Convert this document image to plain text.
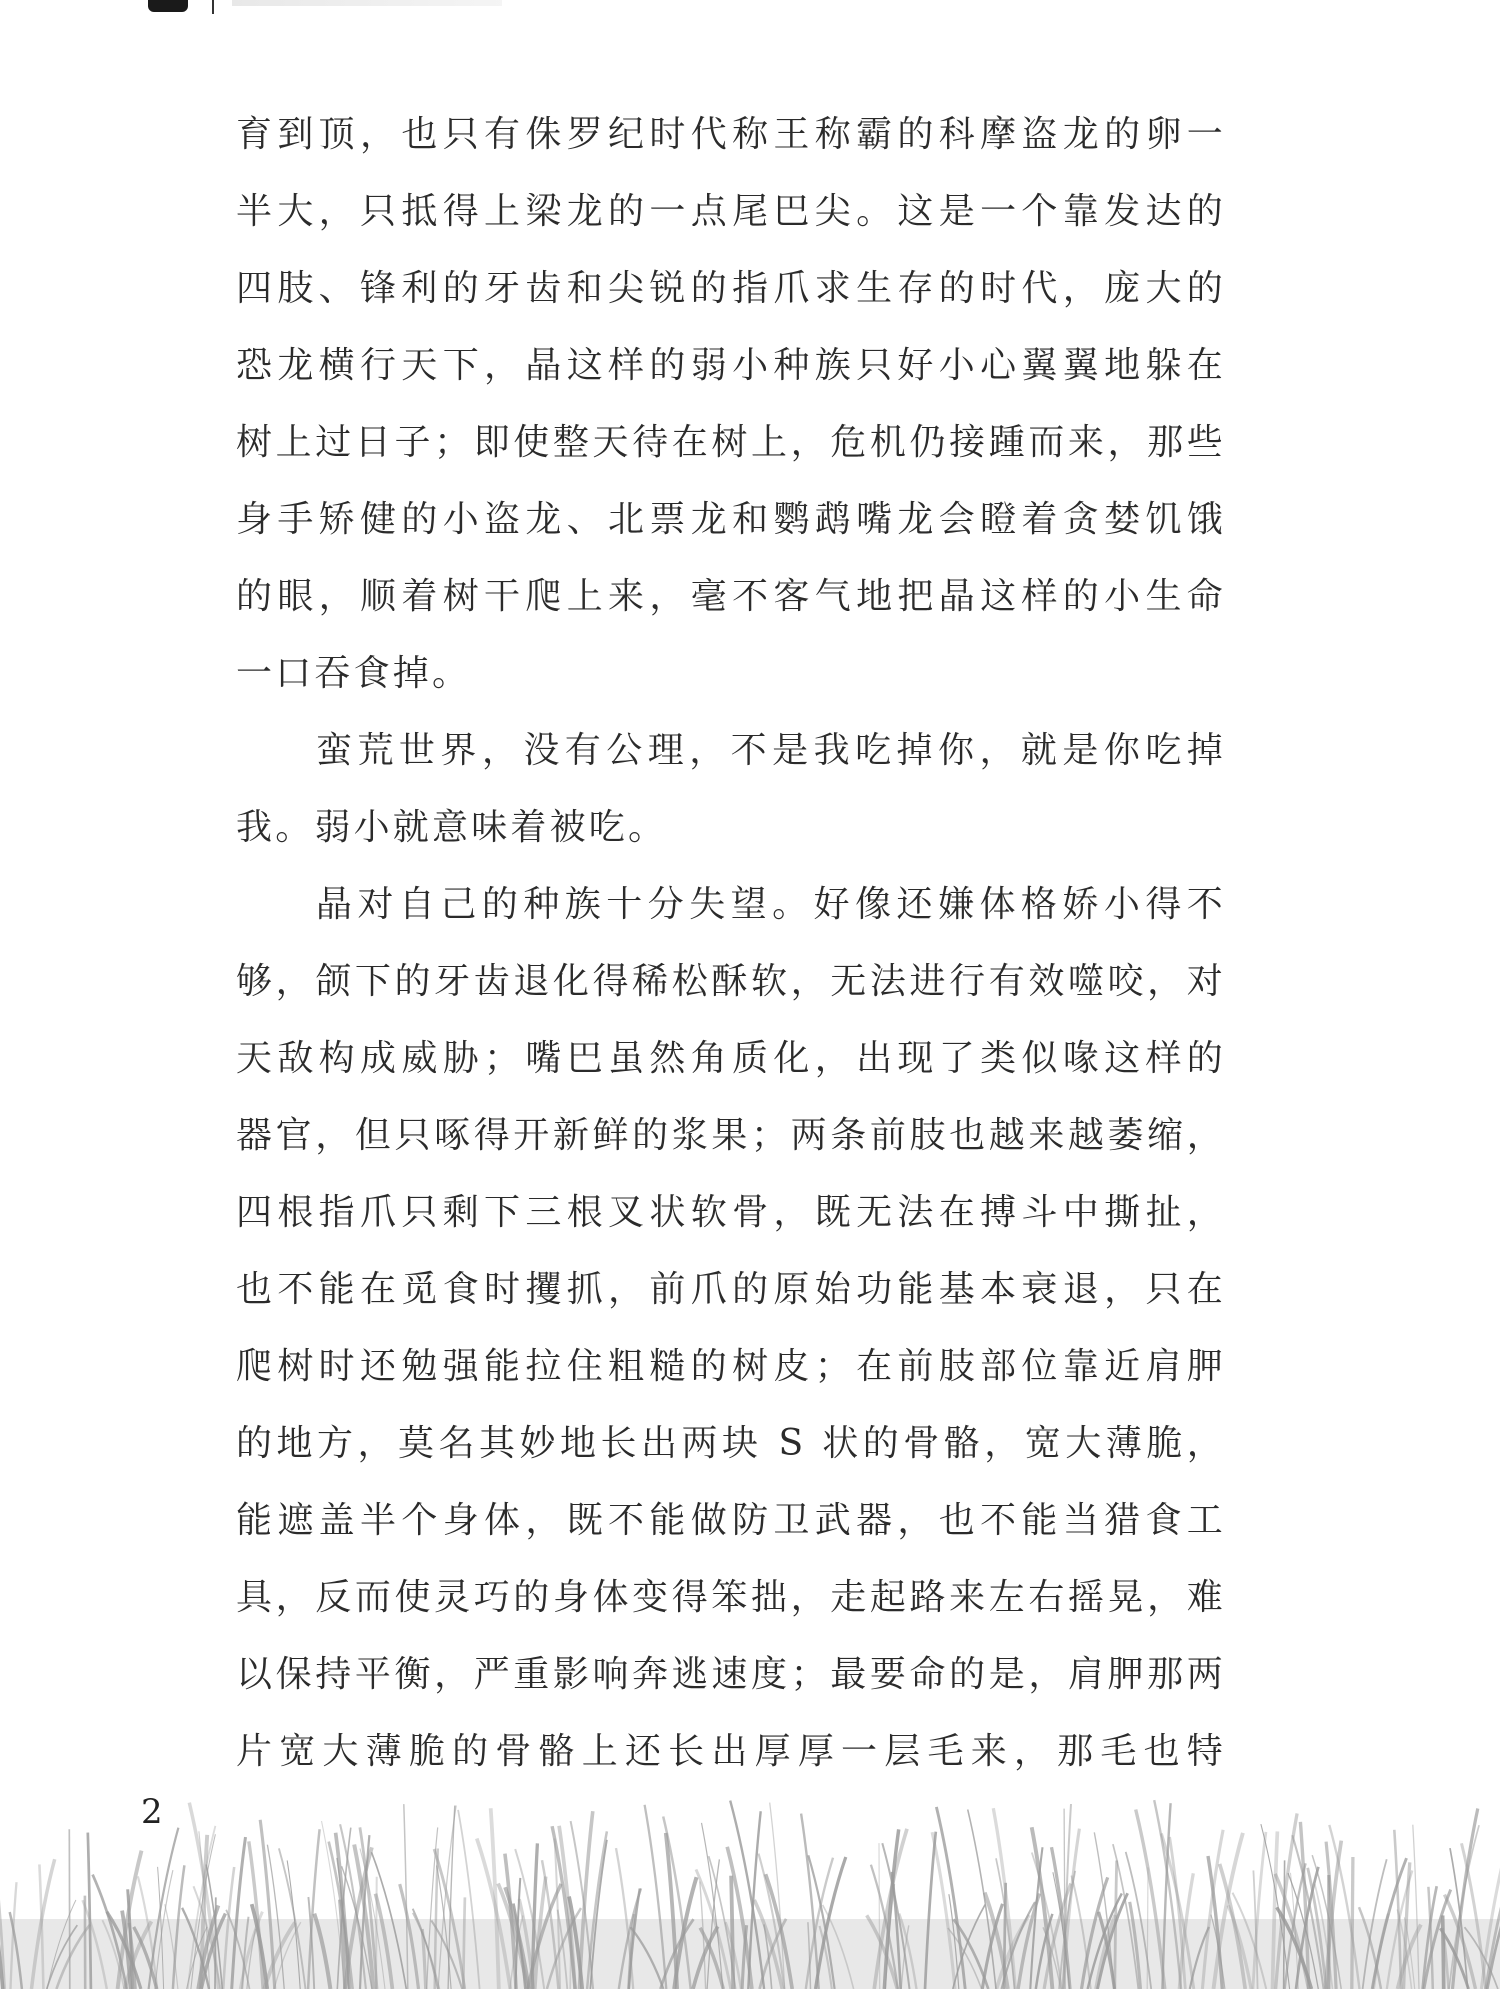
育到顶，也只有侏罗纪时代称王称霸的科摩盗龙的卵一
半大，只抵得上梁龙的一点尾巴尖。这是一个靠发达的
四肢、锋利的牙齿和尖锐的指爪求生存的时代，庞大的
恐龙横行天下，晶这样的弱小种族只好小心翼翼地躲在
树上过日子；即使整天待在树上，危机仍接踵而来，那些
身手矫健的小盗龙、北票龙和鹦鹉嘴龙会瞪着贪婪饥饿
的眼，顺着树干爬上来，毫不客气地把晶这样的小生命
一口吞食掉。
蛮荒世界，没有公理，不是我吃掉你，就是你吃掉
我。弱小就意味着被吃。
晶对自己的种族十分失望。好像还嫌体格娇小得不
够，颌下的牙齿退化得稀松酥软，无法进行有效噬咬，对
天敌构成威胁；嘴巴虽然角质化，出现了类似喙这样的
器官，但只啄得开新鲜的浆果；两条前肢也越来越萎缩，
四根指爪只剩下三根叉状软骨，既无法在搏斗中撕扯，
也不能在觅食时攫抓，前爪的原始功能基本衰退，只在
爬树时还勉强能拉住粗糙的树皮；在前肢部位靠近肩胛
的地方，莫名其妙地长出两块 S 状的骨骼，宽大薄脆，
能遮盖半个身体，既不能做防卫武器，也不能当猎食工
具，反而使灵巧的身体变得笨拙，走起路来左右摇晃，难
以保持平衡，严重影响奔逃速度；最要命的是，肩胛那两
片宽大薄脆的骨骼上还长出厚厚一层毛来，那毛也特
2
